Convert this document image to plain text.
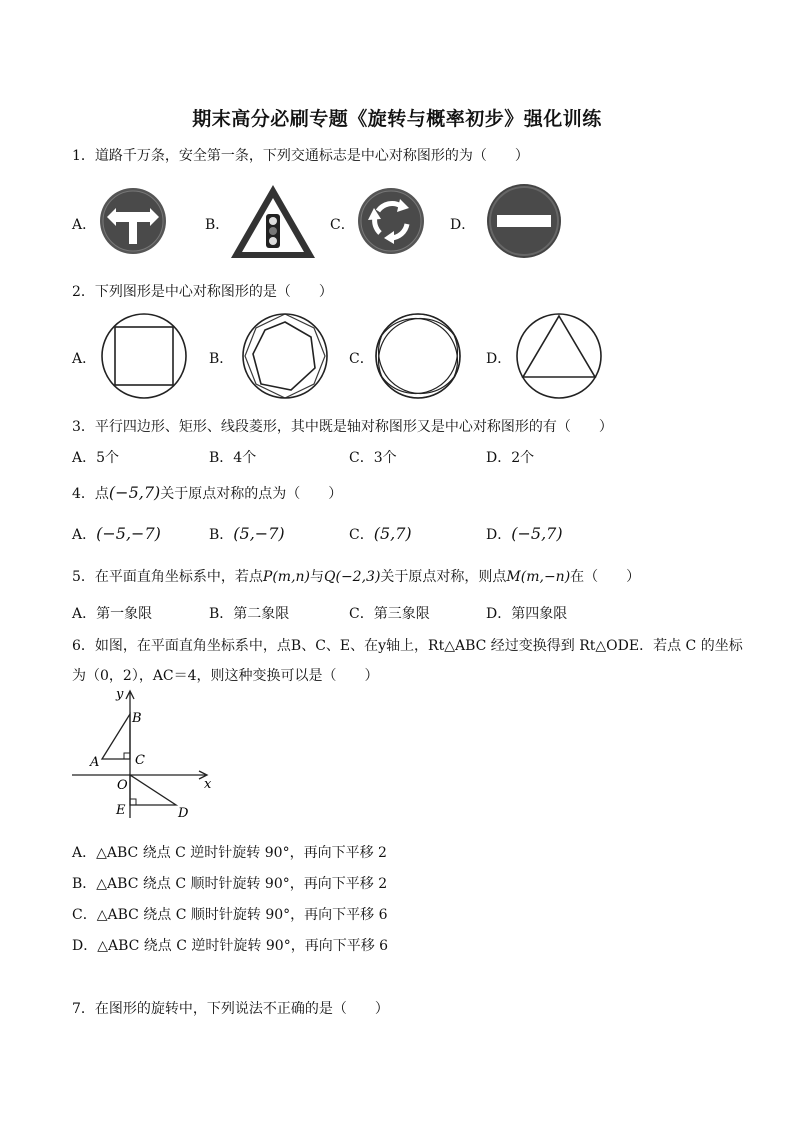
期末高分必刷专题《旋转与概率初步》强化训练
1．道路千万条，安全第一条，下列交通标志是中心对称图形的为（　　）
A．	B．	C．	D．
2．下列图形是中心对称图形的是（　　）
A．	B．	C．	D．
3．平行四边形、矩形、线段菱形，其中既是轴对称图形又是中心对称图形的有（　　）
A．5个	B．4个	C．3个	D．2个
4．点(−5,7)关于原点对称的点为（　　）
A．(−5,−7)	B．(5,−7)	C．(5,7)	D．(−5,7)
5．在平面直角坐标系中，若点P(m,n)与Q(−2,3)关于原点对称，则点M(m,−n)在（　　）
A．第一象限	B．第二象限	C．第三象限	D．第四象限
6．如图，在平面直角坐标系中，点B、C、E、在y轴上，Rt△ABC 经过变换得到 Rt△ODE．若点 C 的坐标
为（0，2），AC＝4，则这种变换可以是（　　）
y
B
A	C
O	x
E	D
A．△ABC 绕点 C 逆时针旋转 90°，再向下平移 2
B．△ABC 绕点 C 顺时针旋转 90°，再向下平移 2
C．△ABC 绕点 C 顺时针旋转 90°，再向下平移 6
D．△ABC 绕点 C 逆时针旋转 90°，再向下平移 6
7．在图形的旋转中，下列说法不正确的是（　　）
